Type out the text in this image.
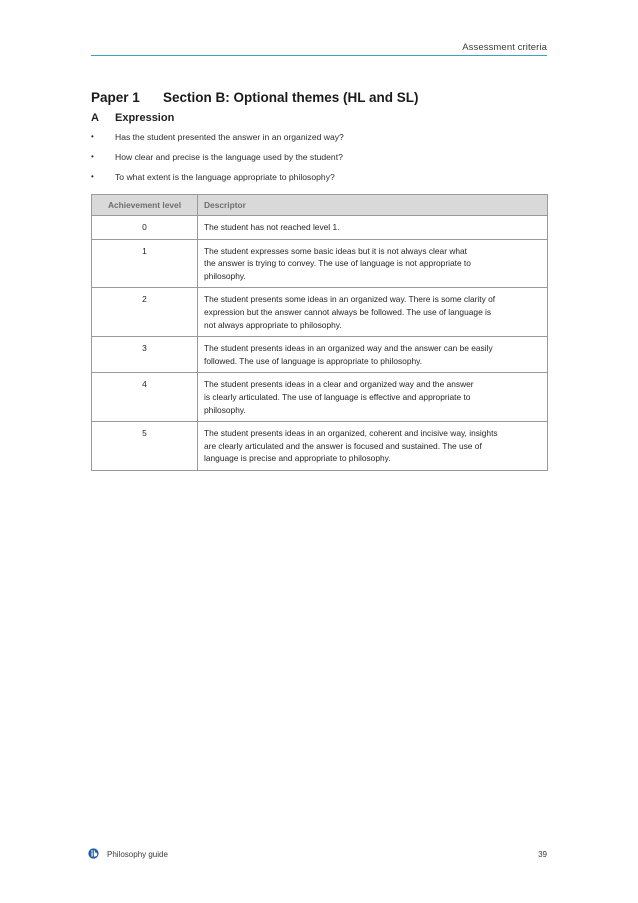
Assessment criteria
Paper 1 Section B: Optional themes (HL and SL)
A Expression
• Has the student presented the answer in an organized way?
• How clear and precise is the language used by the student?
• To what extent is the language appropriate to philosophy?
Achievement level	Descriptor
0	The student has not reached level 1.

1	The student expresses some basic ideas but it is not always clear what
the answer is trying to convey. The use of language is not appropriate to
philosophy.

2	The student presents some ideas in an organized way. There is some clarity of
expression but the answer cannot always be followed. The use of language is
not always appropriate to philosophy.

3	The student presents ideas in an organized way and the answer can be easily
followed. The use of language is appropriate to philosophy.

4	The student presents ideas in a clear and organized way and the answer
is clearly articulated. The use of language is effective and appropriate to
philosophy.

5	The student presents ideas in an organized, coherent and incisive way, insights
are clearly articulated and the answer is focused and sustained. The use of
language is precise and appropriate to philosophy.
Philosophy guide	39
